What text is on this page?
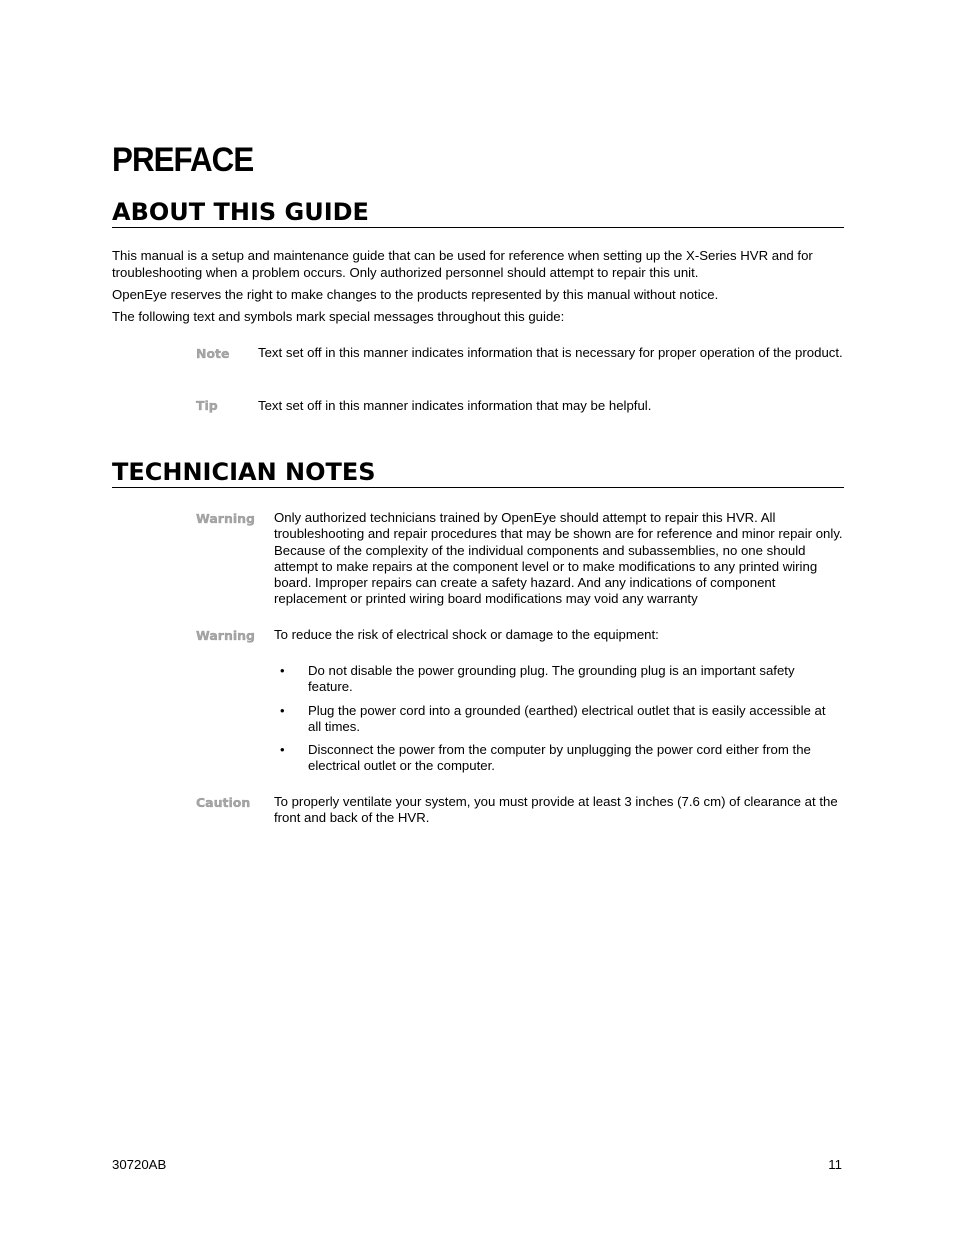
PREFACE
ABOUT THIS GUIDE

This manual is a setup and maintenance guide that can be used for reference when setting up the X-Series HVR and for troubleshooting when a problem occurs. Only authorized personnel should attempt to repair this unit.

OpenEye reserves the right to make changes to the products represented by this manual without notice.

The following text and symbols mark special messages throughout this guide:

Note Text set off in this manner indicates information that is necessary for proper operation of the product.

Tip	Text set off in this manner indicates information that may be helpful.

TECHNICIAN NOTES

Warning Only authorized technicians trained by OpenEye should attempt to repair this HVR. All troubleshooting and repair procedures that may be shown are for reference and minor repair only. Because of the complexity of the individual components and subassemblies, no one should attempt to make repairs at the component level or to make modifications to any printed wiring board. Improper repairs can create a safety hazard. And any indications of component replacement or printed wiring board modifications may void any warranty

Warning To reduce the risk of electrical shock or damage to the equipment:

• Do not disable the power grounding plug. The grounding plug is an important safety feature.
• Plug the power cord into a grounded (earthed) electrical outlet that is easily accessible at all times.
• Disconnect the power from the computer by unplugging the power cord either from the electrical outlet or the computer.

Caution To properly ventilate your system, you must provide at least 3 inches (7.6 cm) of clearance at the front and back of the HVR.

30720AB	11
